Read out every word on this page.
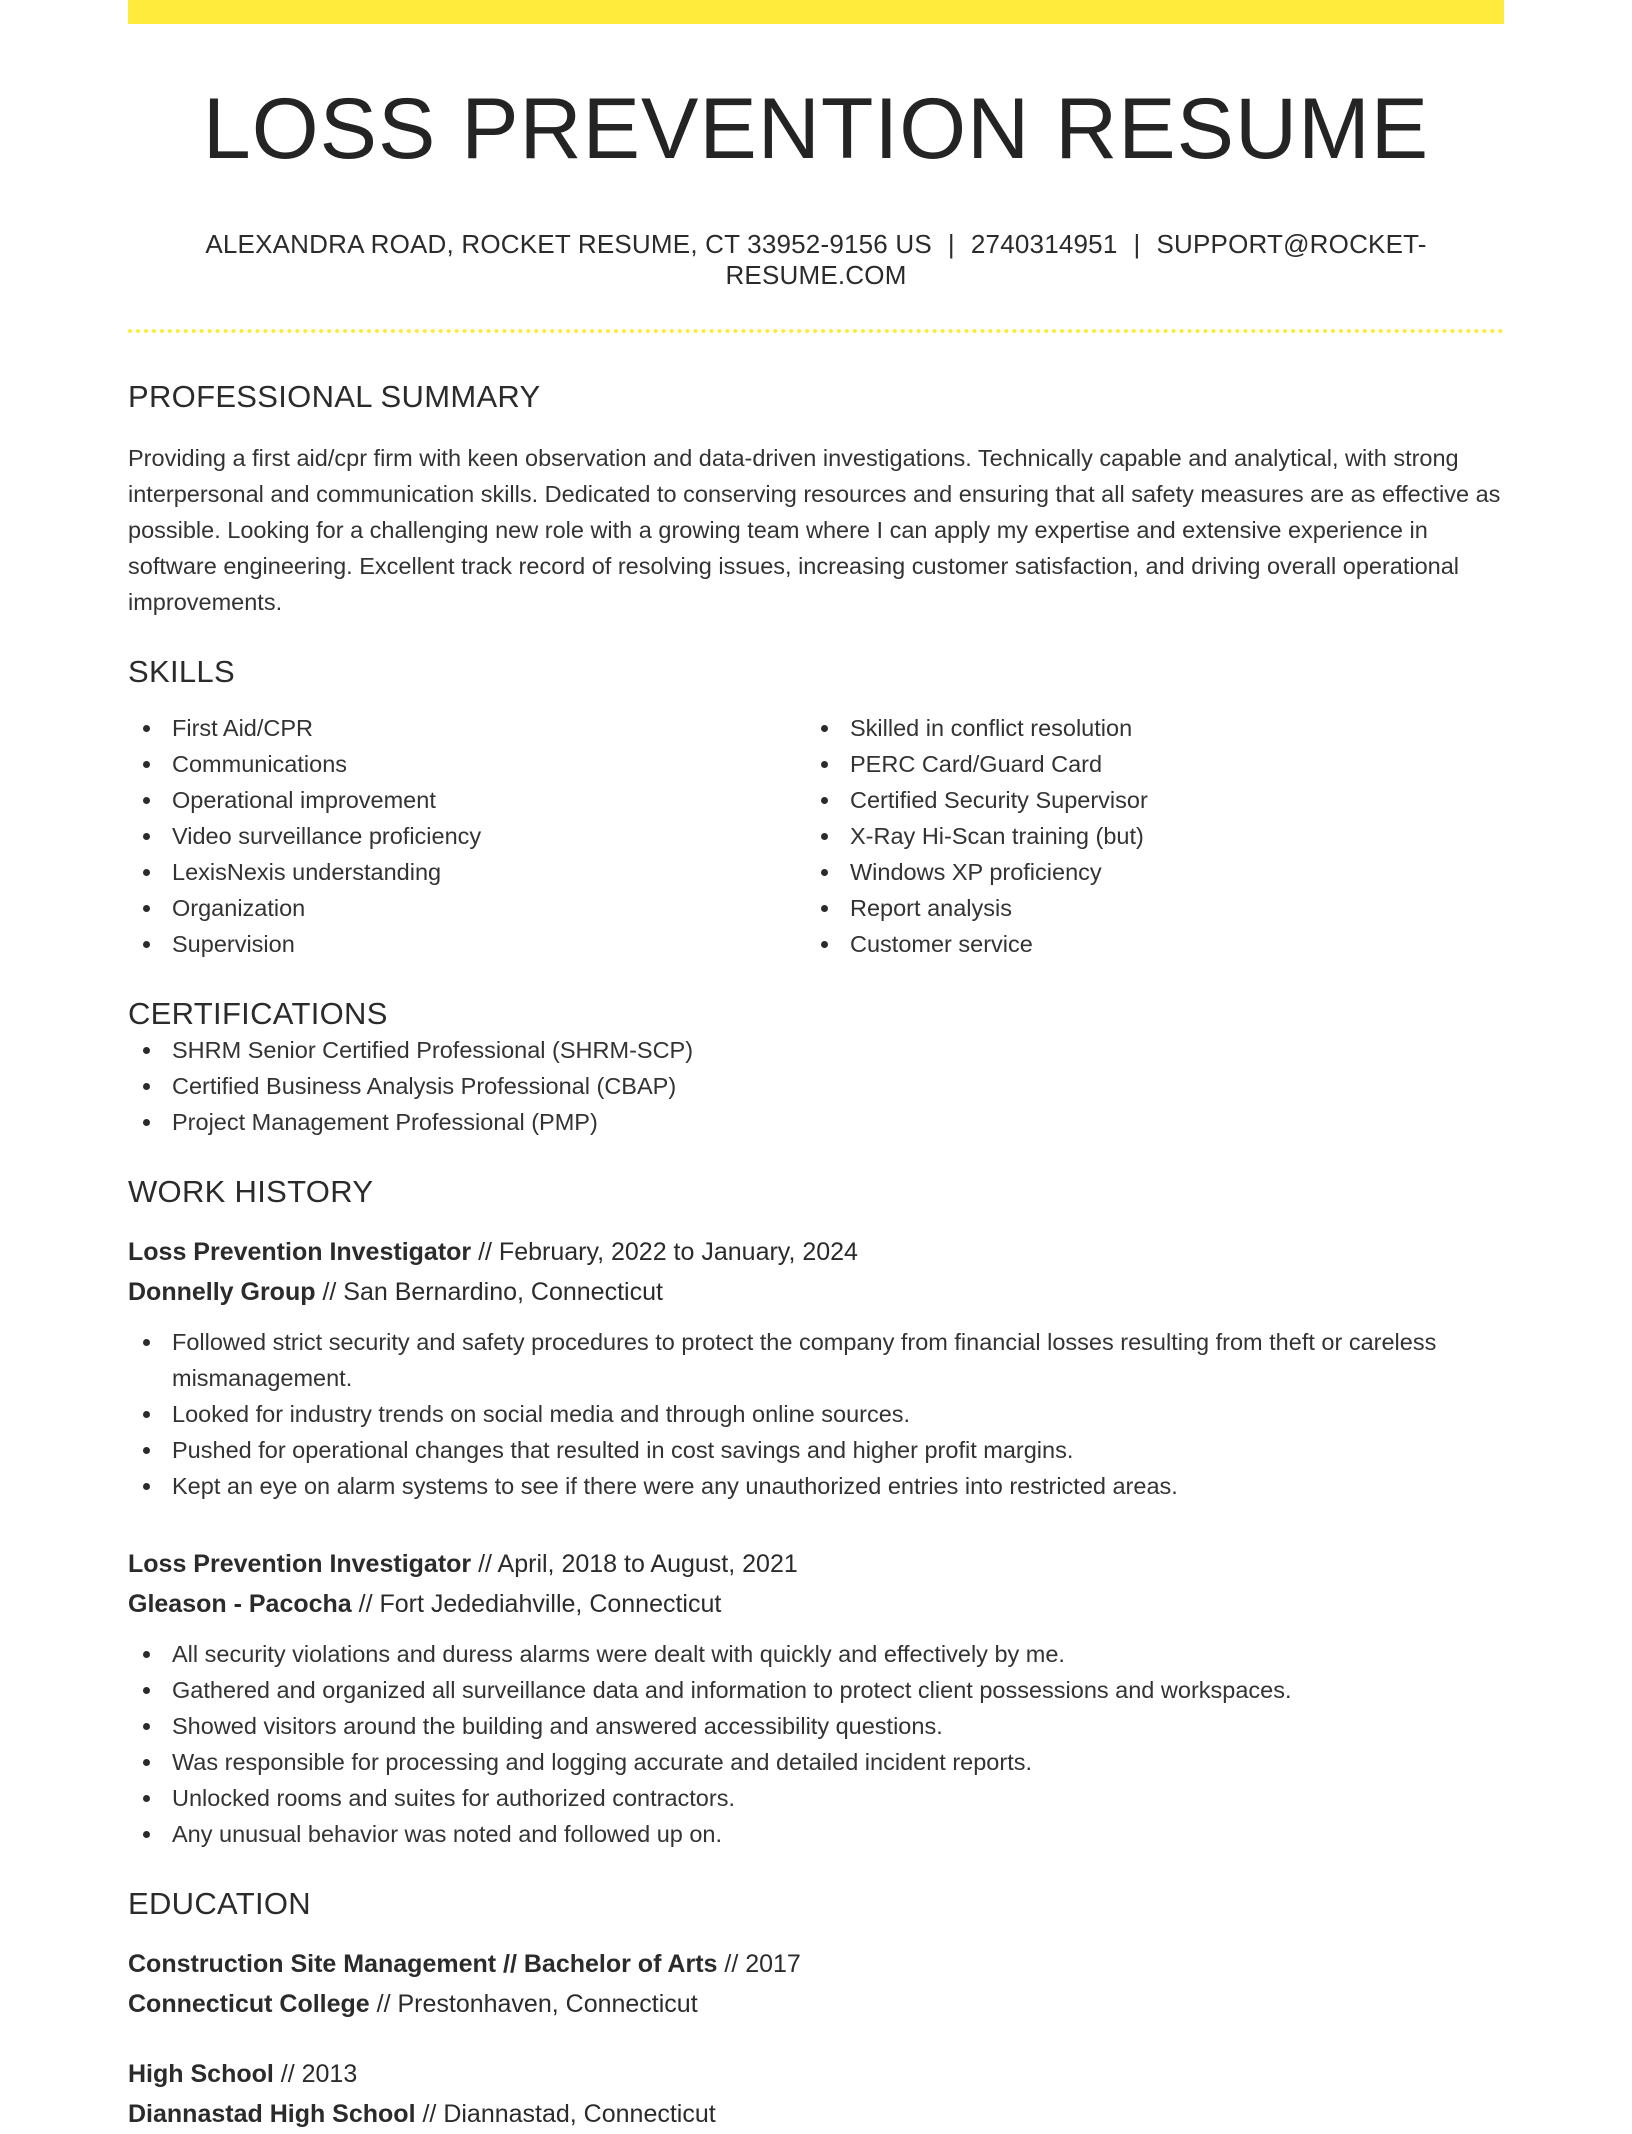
LOSS PREVENTION RESUME
ALEXANDRA ROAD, ROCKET RESUME, CT 33952-9156 US | 2740314951 | SUPPORT@ROCKET-RESUME.COM
PROFESSIONAL SUMMARY

Providing a first aid/cpr firm with keen observation and data-driven investigations. Technically capable and analytical, with strong interpersonal and communication skills. Dedicated to conserving resources and ensuring that all safety measures are as effective as possible. Looking for a challenging new role with a growing team where I can apply my expertise and extensive experience in software engineering. Excellent track record of resolving issues, increasing customer satisfaction, and driving overall operational improvements.

SKILLS
First Aid/CPR
Communications
Operational improvement
Video surveillance proficiency
LexisNexis understanding
Organization
Supervision
Skilled in conflict resolution
PERC Card/Guard Card
Certified Security Supervisor
X-Ray Hi-Scan training (but)
Windows XP proficiency
Report analysis
Customer service
CERTIFICATIONS
SHRM Senior Certified Professional (SHRM-SCP)
Certified Business Analysis Professional (CBAP)
Project Management Professional (PMP)
WORK HISTORY
Loss Prevention Investigator // February, 2022 to January, 2024
Donnelly Group // San Bernardino, Connecticut
Followed strict security and safety procedures to protect the company from financial losses resulting from theft or careless mismanagement.
Looked for industry trends on social media and through online sources.
Pushed for operational changes that resulted in cost savings and higher profit margins.
Kept an eye on alarm systems to see if there were any unauthorized entries into restricted areas.
Loss Prevention Investigator // April, 2018 to August, 2021
Gleason - Pacocha // Fort Jedediahville, Connecticut
All security violations and duress alarms were dealt with quickly and effectively by me.
Gathered and organized all surveillance data and information to protect client possessions and workspaces.
Showed visitors around the building and answered accessibility questions.
Was responsible for processing and logging accurate and detailed incident reports.
Unlocked rooms and suites for authorized contractors.
Any unusual behavior was noted and followed up on.
EDUCATION
Construction Site Management // Bachelor of Arts // 2017
Connecticut College // Prestonhaven, Connecticut
High School // 2013
Diannastad High School // Diannastad, Connecticut
